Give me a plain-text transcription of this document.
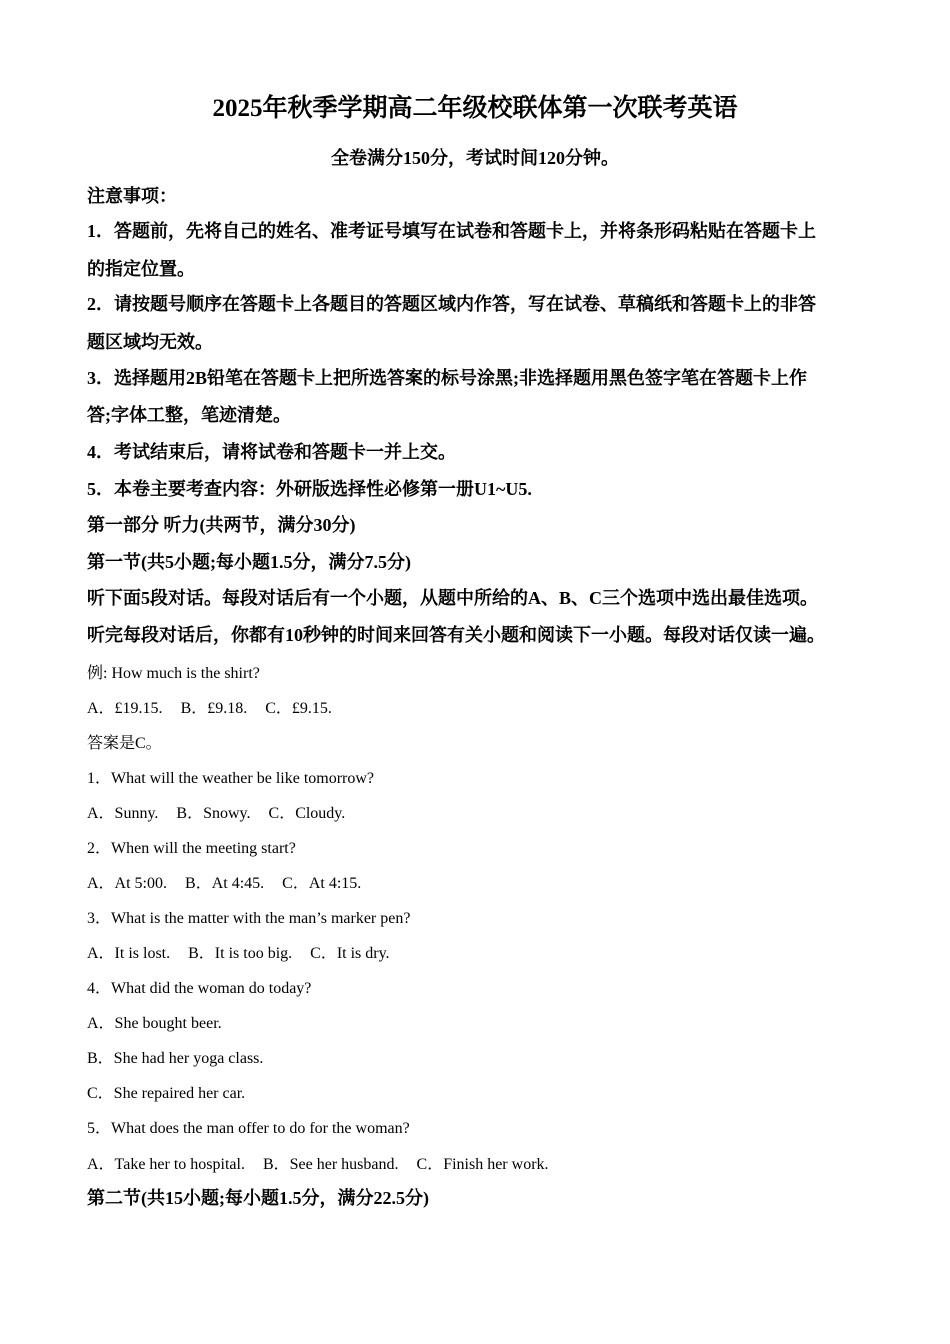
2025年秋季学期高二年级校联体第一次联考英语
全卷满分150分，考试时间120分钟。
注意事项：
1．答题前，先将自己的姓名、准考证号填写在试卷和答题卡上，并将条形码粘贴在答题卡上
的指定位置。
2．请按题号顺序在答题卡上各题目的答题区域内作答，写在试卷、草稿纸和答题卡上的非答
题区域均无效。
3．选择题用2B铅笔在答题卡上把所选答案的标号涂黑;非选择题用黑色签字笔在答题卡上作
答;字体工整，笔迹清楚。
4．考试结束后，请将试卷和答题卡一并上交。
5．本卷主要考查内容：外研版选择性必修第一册U1~U5.
第一部分 听力(共两节，满分30分)
第一节(共5小题;每小题1.5分，满分7.5分)
听下面5段对话。每段对话后有一个小题，从题中所给的A、B、C三个选项中选出最佳选项。
听完每段对话后，你都有10秒钟的时间来回答有关小题和阅读下一小题。每段对话仅读一遍。
例: How much is the shirt?
A．£19.15. B．£9.18. C．£9.15.
答案是C。
1．What will the weather be like tomorrow?
A．Sunny. B．Snowy. C．Cloudy.
2．When will the meeting start?
A．At 5:00. B．At 4:45. C．At 4:15.
3．What is the matter with the man’s marker pen?
A．It is lost. B．It is too big. C．It is dry.
4．What did the woman do today?
A．She bought beer.
B．She had her yoga class.
C．She repaired her car.
5．What does the man offer to do for the woman?
A．Take her to hospital. B．See her husband. C．Finish her work.
第二节(共15小题;每小题1.5分，满分22.5分)
